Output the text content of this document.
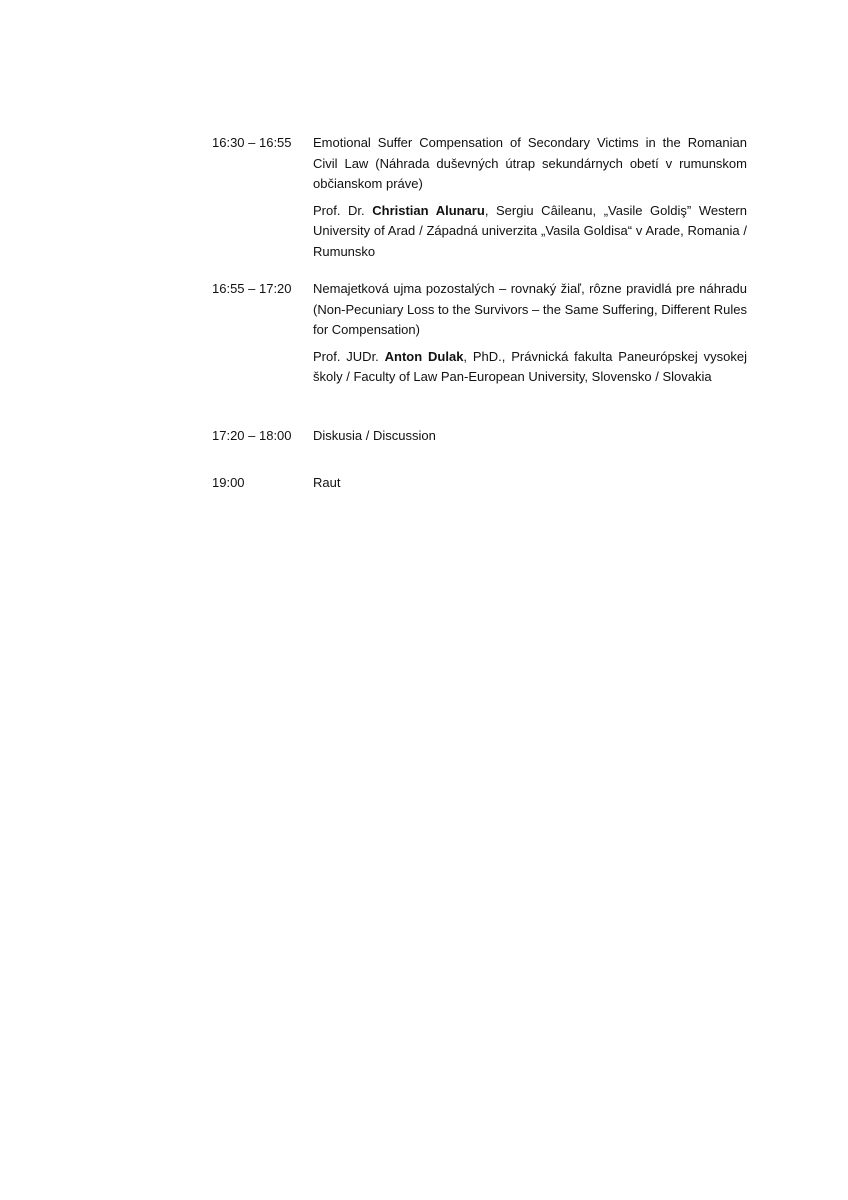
16:30 – 16:55	Emotional Suffer Compensation of Secondary Victims in the Romanian Civil Law (Náhrada duševných útrap sekundárnych obetí v rumunskom občianskom práve)

Prof. Dr. Christian Alunaru, Sergiu Câileanu, „Vasile Goldiş” Western University of Arad / Západná univerzita „Vasila Goldisa“ v Arade, Romania / Rumunsko

16:55 – 17:20	Nemajetková ujma pozostalých – rovnaký žiaľ, rôzne pravidlá pre náhradu (Non-Pecuniary Loss to the Survivors – the Same Suffering, Different Rules for Compensation)

Prof. JUDr. Anton Dulak, PhD., Právnická fakulta Paneurópskej vysokej školy / Faculty of Law Pan-European University, Slovensko / Slovakia

17:20 – 18:00	Diskusia / Discussion

19:00	Raut
